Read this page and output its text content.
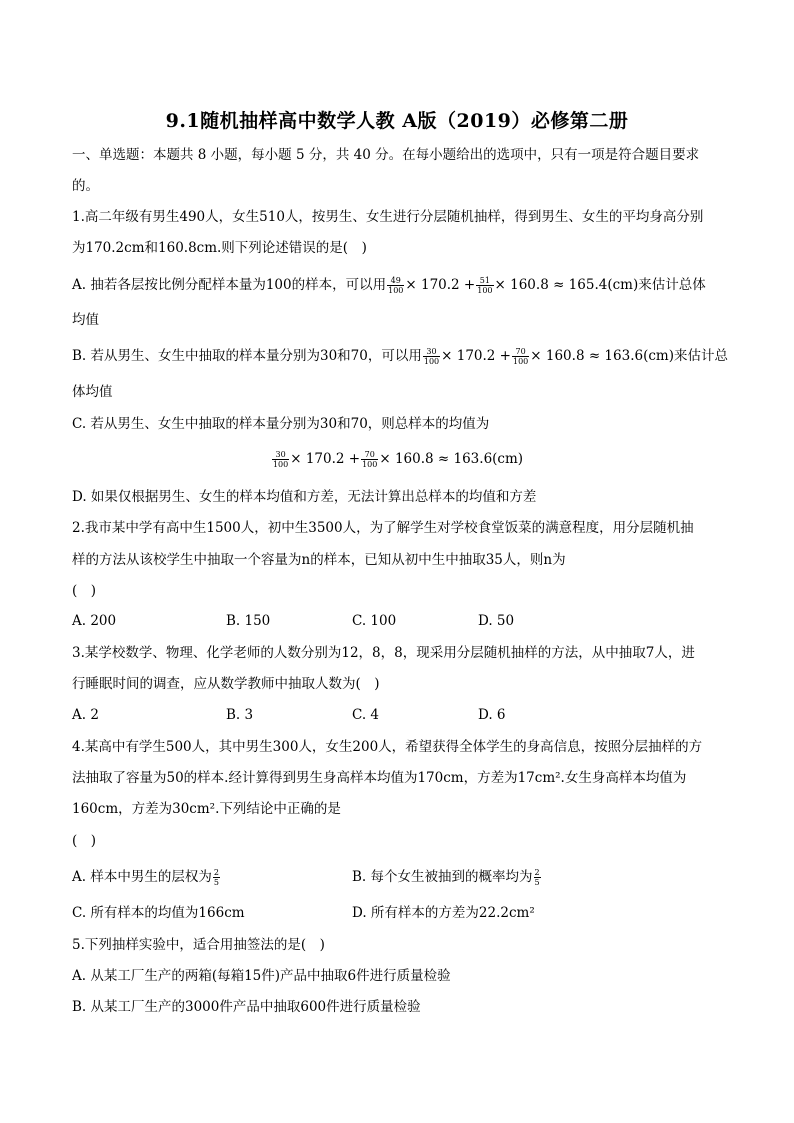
9.1随机抽样高中数学人教 A版（2019）必修第二册
一、单选题：本题共 8 小题，每小题 5 分，共 40 分。在每小题给出的选项中，只有一项是符合题目要求
的。
1.高二年级有男生490人，女生510人，按男生、女生进行分层随机抽样，得到男生、女生的平均身高分别
为170.2cm和160.8cm.则下列论述错误的是(　)
A. 抽若各层按比例分配样本量为100的样本，可以用 $\frac{49}{100} \times 170.2 + \frac{51}{100} \times 160.8 \approx 165.4(cm)$来估计总体
均值
B. 若从男生、女生中抽取的样本量分别为30和70，可以用 $\frac{30}{100} \times 170.2 + \frac{70}{100} \times 160.8 \approx 163.6(cm)$来估计总
体均值
C. 若从男生、女生中抽取的样本量分别为30和70，则总样本的均值为
$\frac{30}{100} \times 170.2 + \frac{70}{100} \times 160.8 \approx 163.6(cm)$
D. 如果仅根据男生、女生的样本均值和方差，无法计算出总样本的均值和方差
2.我市某中学有高中生1500人，初中生3500人，为了解学生对学校食堂饭菜的满意程度，用分层随机抽
样的方法从该校学生中抽取一个容量为n的样本，已知从初中生中抽取35人，则n为
(　)
A. 200	B. 150	C. 100	D. 50
3.某学校数学、物理、化学老师的人数分别为12，8，8，现采用分层随机抽样的方法，从中抽取7人，进
行睡眠时间的调查，应从数学教师中抽取人数为(　)
A. 2	B. 3	C. 4	D. 6
4.某高中有学生500人，其中男生300人，女生200人，希望获得全体学生的身高信息，按照分层抽样的方
法抽取了容量为50的样本.经计算得到男生身高样本均值为170cm，方差为17cm².女生身高样本均值为
160cm，方差为30cm².下列结论中正确的是
(　)
A. 样本中男生的层权为 $\frac{2}{5}$	B. 每个女生被抽到的概率均为 $\frac{2}{5}$
C. 所有样本的均值为166cm	D. 所有样本的方差为22.2cm²
5.下列抽样实验中，适合用抽签法的是(　)
A. 从某工厂生产的两箱(每箱15件)产品中抽取6件进行质量检验
B. 从某工厂生产的3000件产品中抽取600件进行质量检验
